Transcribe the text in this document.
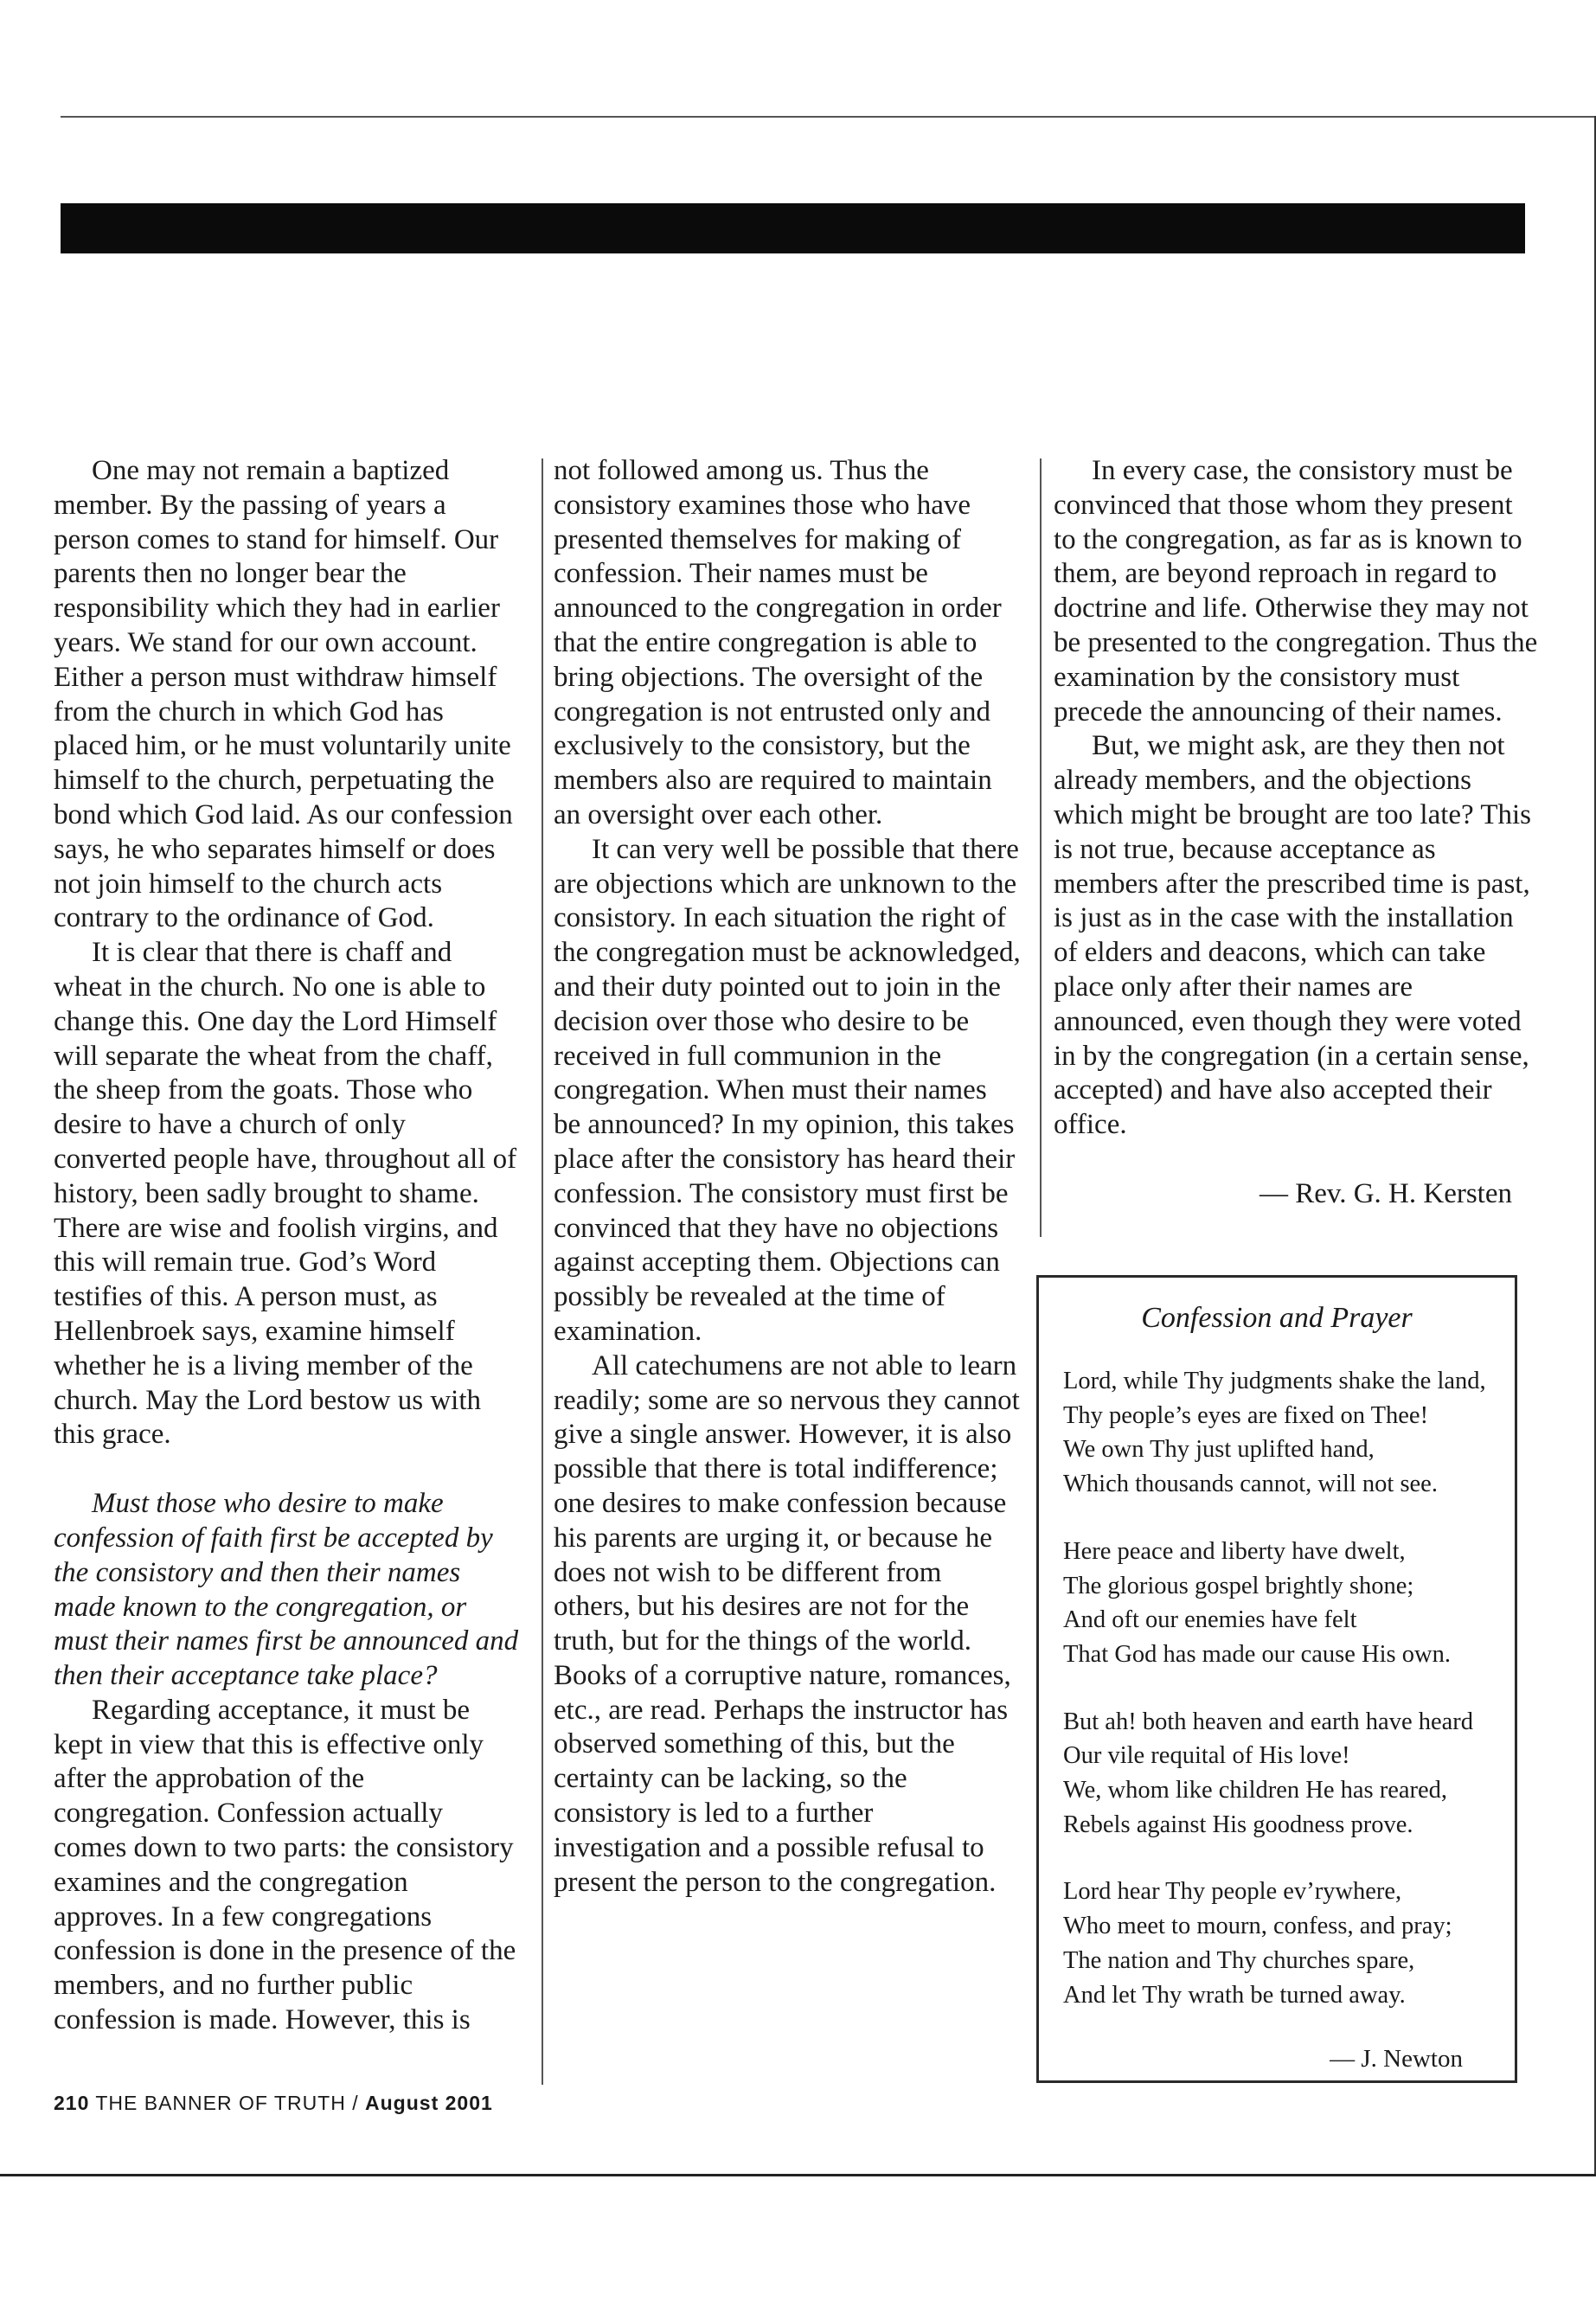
One may not remain a baptized member. By the passing of years a person comes to stand for himself. Our parents then no longer bear the responsibility which they had in earlier years. We stand for our own account. Either a person must withdraw himself from the church in which God has placed him, or he must voluntarily unite himself to the church, perpetuating the bond which God laid. As our confession says, he who separates himself or does not join himself to the church acts contrary to the ordinance of God.

It is clear that there is chaff and wheat in the church. No one is able to change this. One day the Lord Himself will separate the wheat from the chaff, the sheep from the goats. Those who desire to have a church of only converted people have, throughout all of history, been sadly brought to shame. There are wise and foolish virgins, and this will remain true. God’s Word testifies of this. A person must, as Hellenbroek says, examine himself whether he is a living member of the church. May the Lord bestow us with this grace.

Must those who desire to make confession of faith first be accepted by the consistory and then their names made known to the congregation, or must their names first be announced and then their acceptance take place?

Regarding acceptance, it must be kept in view that this is effective only after the approbation of the congregation. Confession actually comes down to two parts: the consistory examines and the congregation approves. In a few congregations confession is done in the presence of the members, and no further public confession is made. However, this is

not followed among us. Thus the consistory examines those who have presented themselves for making of confession. Their names must be announced to the congregation in order that the entire congregation is able to bring objections. The oversight of the congregation is not entrusted only and exclusively to the consistory, but the members also are required to maintain an oversight over each other.

It can very well be possible that there are objections which are unknown to the consistory. In each situation the right of the congregation must be acknowledged, and their duty pointed out to join in the decision over those who desire to be received in full communion in the congregation. When must their names be announced? In my opinion, this takes place after the consistory has heard their confession. The consistory must first be convinced that they have no objections against accepting them. Objections can possibly be revealed at the time of examination.

All catechumens are not able to learn readily; some are so nervous they cannot give a single answer. However, it is also possible that there is total indifference; one desires to make confession because his parents are urging it, or because he does not wish to be different from others, but his desires are not for the truth, but for the things of the world. Books of a corruptive nature, romances, etc., are read. Perhaps the instructor has observed something of this, but the certainty can be lacking, so the consistory is led to a further investigation and a possible refusal to present the person to the congregation.

In every case, the consistory must be convinced that those whom they present to the congregation, as far as is known to them, are beyond reproach in regard to doctrine and life. Otherwise they may not be presented to the congregation. Thus the examination by the consistory must precede the announcing of their names.

But, we might ask, are they then not already members, and the objections which might be brought are too late? This is not true, because acceptance as members after the prescribed time is past, is just as in the case with the installation of elders and deacons, which can take place only after their names are announced, even though they were voted in by the congregation (in a certain sense, accepted) and have also accepted their office.

— Rev. G. H. Kersten
Confession and Prayer
Lord, while Thy judgments shake the land,
Thy people’s eyes are fixed on Thee!
We own Thy just uplifted hand,
Which thousands cannot, will not see.
Here peace and liberty have dwelt,
The glorious gospel brightly shone;
And oft our enemies have felt
That God has made our cause His own.
But ah! both heaven and earth have heard
Our vile requital of His love!
We, whom like children He has reared,
Rebels against His goodness prove.
Lord hear Thy people ev’rywhere,
Who meet to mourn, confess, and pray;
The nation and Thy churches spare,
And let Thy wrath be turned away.
— J. Newton
210 THE BANNER OF TRUTH / August 2001
